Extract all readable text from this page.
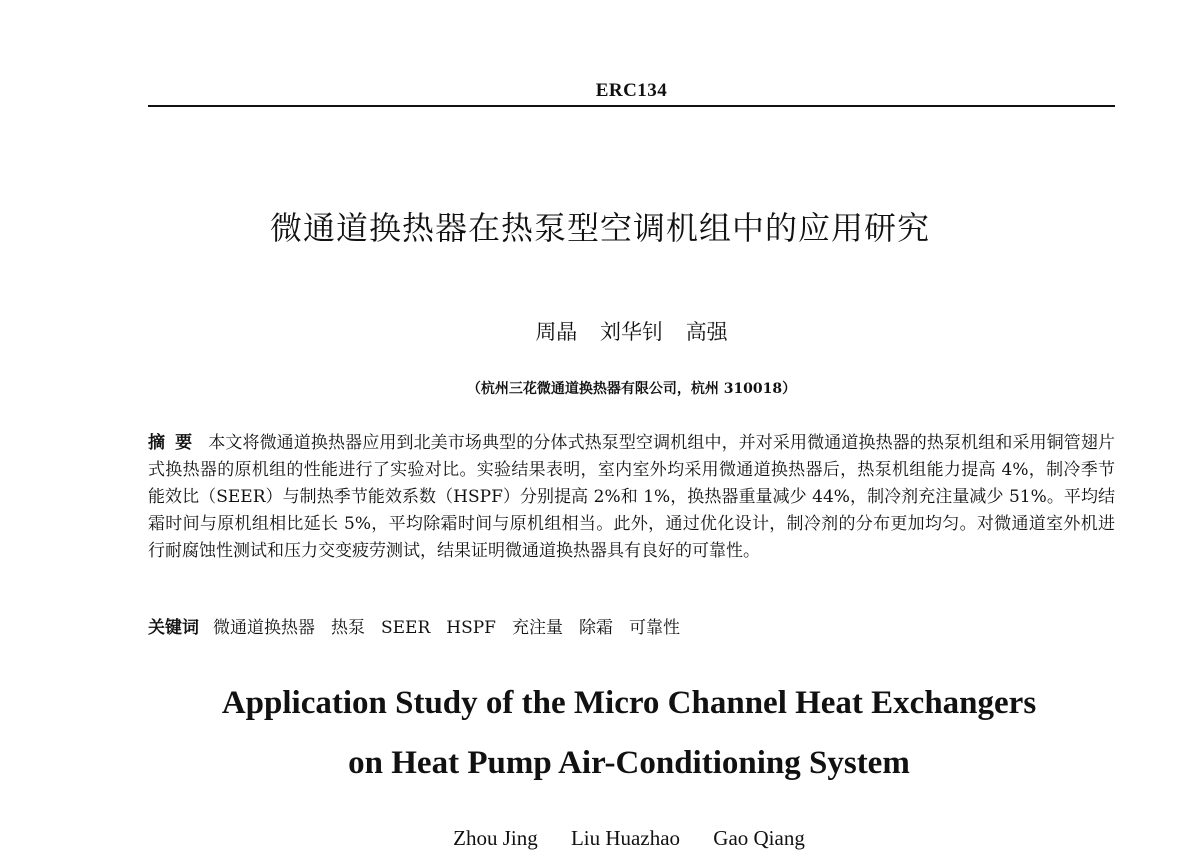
ERC134
微通道换热器在热泵型空调机组中的应用研究
周晶 刘华钊 高强
（杭州三花微通道换热器有限公司，杭州 310018）
摘要 本文将微通道换热器应用到北美市场典型的分体式热泵型空调机组中，并对采用微通道换热器的热泵机组和采用铜管翅片式换热器的原机组的性能进行了实验对比。实验结果表明，室内室外均采用微通道换热器后，热泵机组能力提高 4%，制冷季节能效比（SEER）与制热季节能效系数（HSPF）分别提高 2%和 1%，换热器重量减少 44%，制冷剂充注量减少 51%。平均结霜时间与原机组相比延长 5%，平均除霜时间与原机组相当。此外，通过优化设计，制冷剂的分布更加均匀。对微通道室外机进行耐腐蚀性测试和压力交变疲劳测试，结果证明微通道换热器具有良好的可靠性。
关键词 微通道换热器 热泵 SEER HSPF 充注量 除霜 可靠性
Application Study of the Micro Channel Heat Exchangers
on Heat Pump Air-Conditioning System
Zhou Jing Liu Huazhao Gao Qiang
